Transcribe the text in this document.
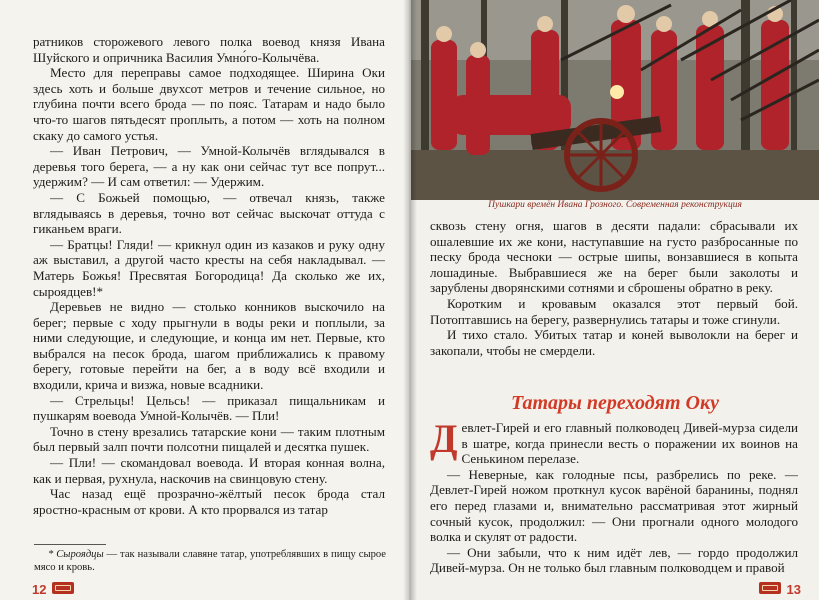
ратников сторожевого левого полка воевод князя Ивана Шуйского и опричника Василия Умно́го-Колычёва.

Место для переправы самое подходящее. Ширина Оки здесь хоть и больше двухсот метров и течение сильное, но глубина почти всего брода — по пояс. Татарам и надо было что-то шагов пятьдесят проплыть, а потом — хоть на полном скаку до самого устья.

— Иван Петрович, — Умной-Колычёв вглядывался в деревья того берега, — а ну как они сейчас тут все попрут... удержим? — И сам ответил: — Удержим.

— С Божьей помощью, — отвечал князь, также вглядываясь в деревья, точно вот сейчас выскочат оттуда с гиканьем враги.

— Братцы! Гляди! — крикнул один из казаков и руку одну аж выставил, а другой часто кресты на себя накладывал. — Матерь Божья! Пресвятая Богородица! Да сколько же их, сыроядцев!*

Деревьев не видно — столько конников выскочило на берег; первые с ходу прыгнули в воды реки и поплыли, за ними следующие, и следующие, и конца им нет. Первые, кто выбрался на песок брода, шагом приближались к правому берегу, готовые перейти на бег, а в воду всё входили и входили, крича и визжа, новые всадники.

— Стрельцы! Цельсь! — приказал пищальникам и пушкарям воевода Умной-Колычёв. — Пли!

Точно в стену врезались татарские кони — таким плотным был первый залп почти полсотни пищалей и десятка пушек.

— Пли! — скомандовал воевода. И вторая конная волна, как и первая, рухнула, наскочив на свинцовую стену.

Час назад ещё прозрачно-жёлтый песок брода стал яростно-красным от крови. А кто прорвался из татар

* Сыроядцы — так называли славяне татар, употреблявших в пищу сырое мясо и кровь.
12
Пушкари времён Ивана Грозного. Современная реконструкция

сквозь стену огня, шагов в десяти падали: сбрасывали их ошалевшие их же кони, наступавшие на густо разбросанные по песку брода чесноки — острые шипы, вонзавшиеся в копыта лошадиные. Выбравшиеся же на берег были заколоты и зарублены дворянскими сотнями и сброшены обратно в реку.

Коротким и кровавым оказался этот первый бой. Потоптавшись на берегу, развернулись татары и тоже сгинули.

И тихо стало. Убитых татар и коней выволокли на берег и закопали, чтобы не смердели.

Татары переходят Оку

Девлет-Гирей и его главный полководец Дивей-мурза сидели в шатре, когда принесли весть о поражении их воинов на Сенькином перелазе.

— Неверные, как голодные псы, разбрелись по реке. — Девлет-Гирей ножом проткнул кусок варёной баранины, поднял его перед глазами и, внимательно рассматривая этот жирный сочный кусок, продолжил: — Они прогнали одного молодого волка и скулят от радости.

— Они забыли, что к ним идёт лев, — гордо продолжил Дивей-мурза. Он не только был главным полководцем и правой

13
